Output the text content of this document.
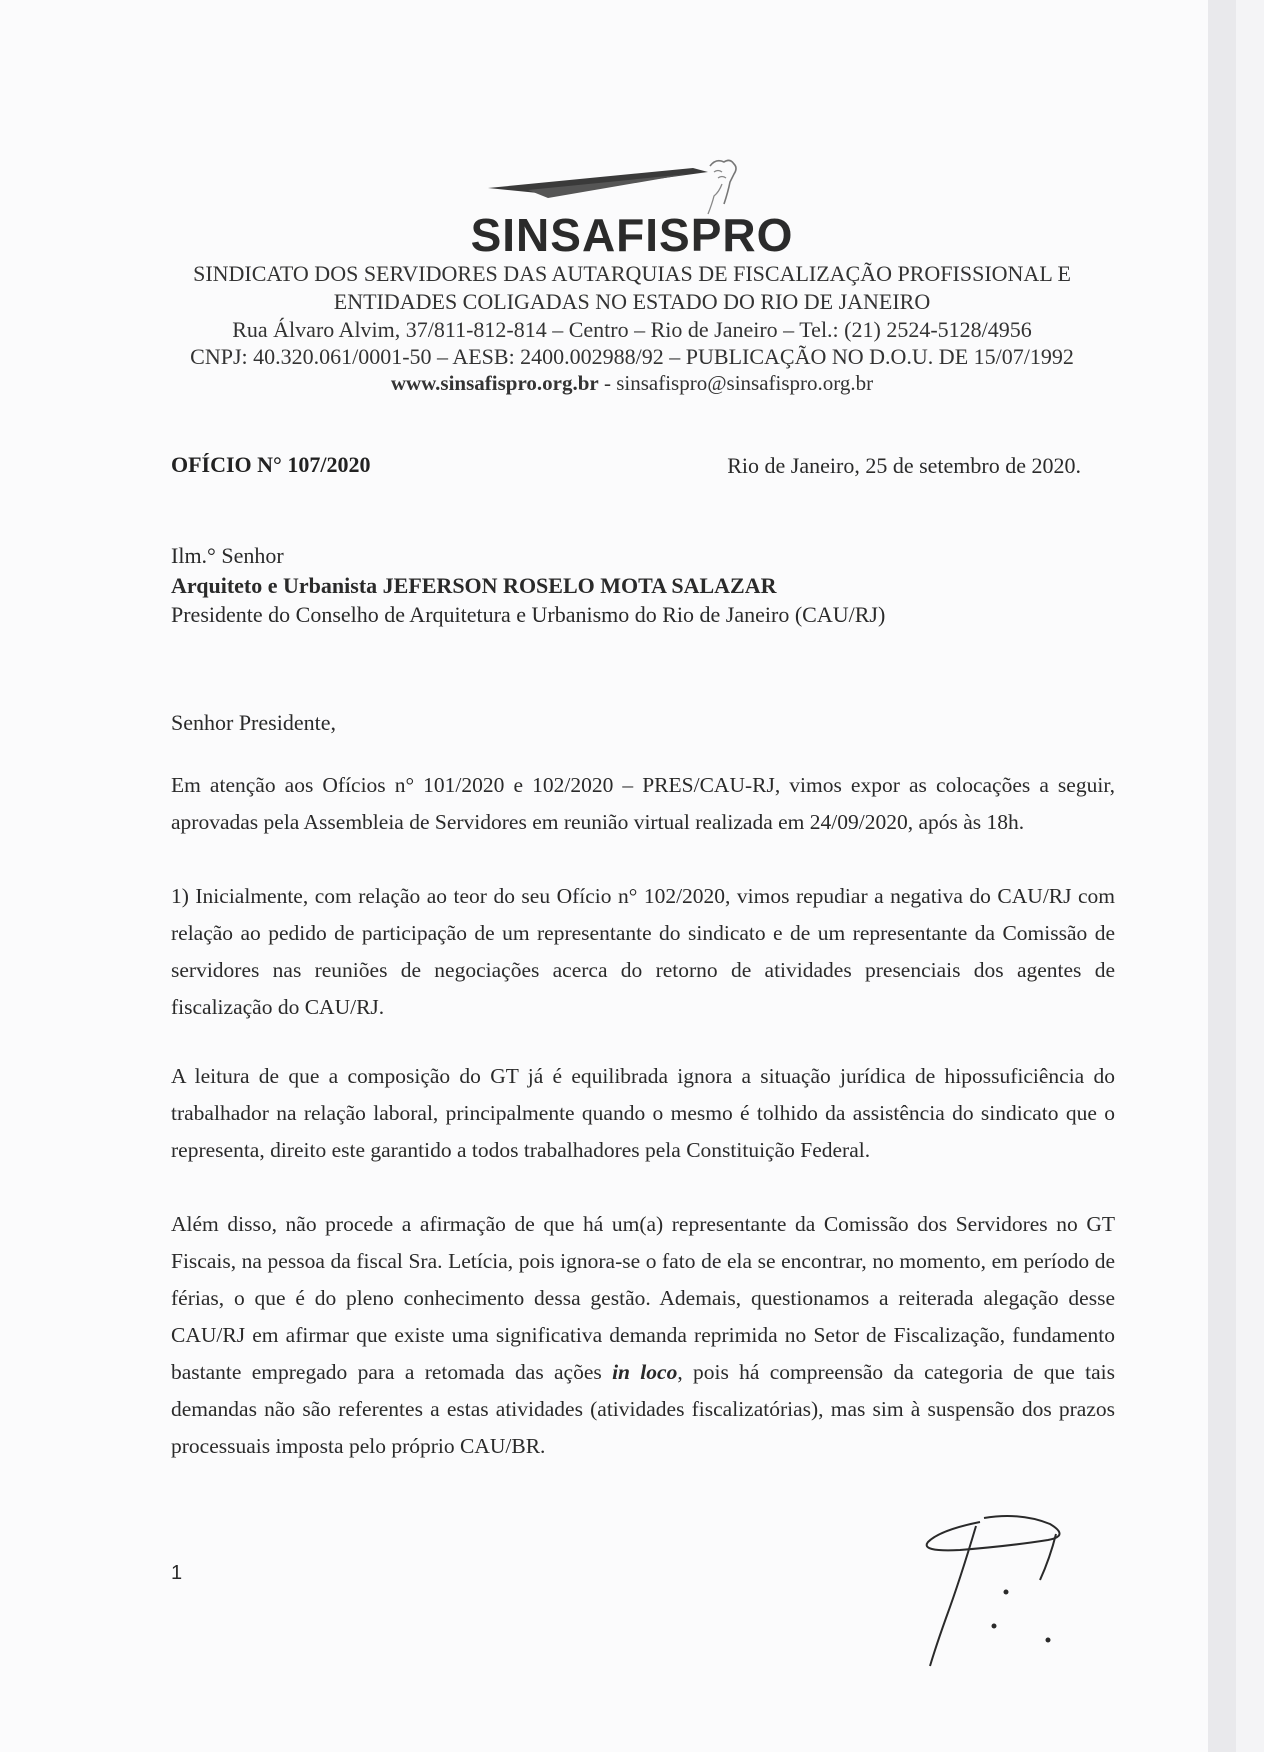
SINSAFISPRO
SINDICATO DOS SERVIDORES DAS AUTARQUIAS DE FISCALIZAÇÃO PROFISSIONAL E
ENTIDADES COLIGADAS NO ESTADO DO RIO DE JANEIRO
Rua Álvaro Alvim, 37/811-812-814 – Centro – Rio de Janeiro – Tel.: (21) 2524-5128/4956
CNPJ: 40.320.061/0001-50 – AESB: 2400.002988/92 – PUBLICAÇÃO NO D.O.U. DE 15/07/1992
www.sinsafispro.org.br - sinsafispro@sinsafispro.org.br
OFÍCIO N° 107/2020	Rio de Janeiro, 25 de setembro de 2020.
Ilm.° Senhor
Arquiteto e Urbanista JEFERSON ROSELO MOTA SALAZAR
Presidente do Conselho de Arquitetura e Urbanismo do Rio de Janeiro (CAU/RJ)
Senhor Presidente,
Em atenção aos Ofícios n° 101/2020 e 102/2020 – PRES/CAU-RJ, vimos expor as colocações a seguir, aprovadas pela Assembleia de Servidores em reunião virtual realizada em 24/09/2020, após às 18h.
1) Inicialmente, com relação ao teor do seu Ofício n° 102/2020, vimos repudiar a negativa do CAU/RJ com relação ao pedido de participação de um representante do sindicato e de um representante da Comissão de servidores nas reuniões de negociações acerca do retorno de atividades presenciais dos agentes de fiscalização do CAU/RJ.
A leitura de que a composição do GT já é equilibrada ignora a situação jurídica de hipossuficiência do trabalhador na relação laboral, principalmente quando o mesmo é tolhido da assistência do sindicato que o representa, direito este garantido a todos trabalhadores pela Constituição Federal.
Além disso, não procede a afirmação de que há um(a) representante da Comissão dos Servidores no GT Fiscais, na pessoa da fiscal Sra. Letícia, pois ignora-se o fato de ela se encontrar, no momento, em período de férias, o que é do pleno conhecimento dessa gestão. Ademais, questionamos a reiterada alegação desse CAU/RJ em afirmar que existe uma significativa demanda reprimida no Setor de Fiscalização, fundamento bastante empregado para a retomada das ações in loco, pois há compreensão da categoria de que tais demandas não são referentes a estas atividades (atividades fiscalizatórias), mas sim à suspensão dos prazos processuais imposta pelo próprio CAU/BR.
1
